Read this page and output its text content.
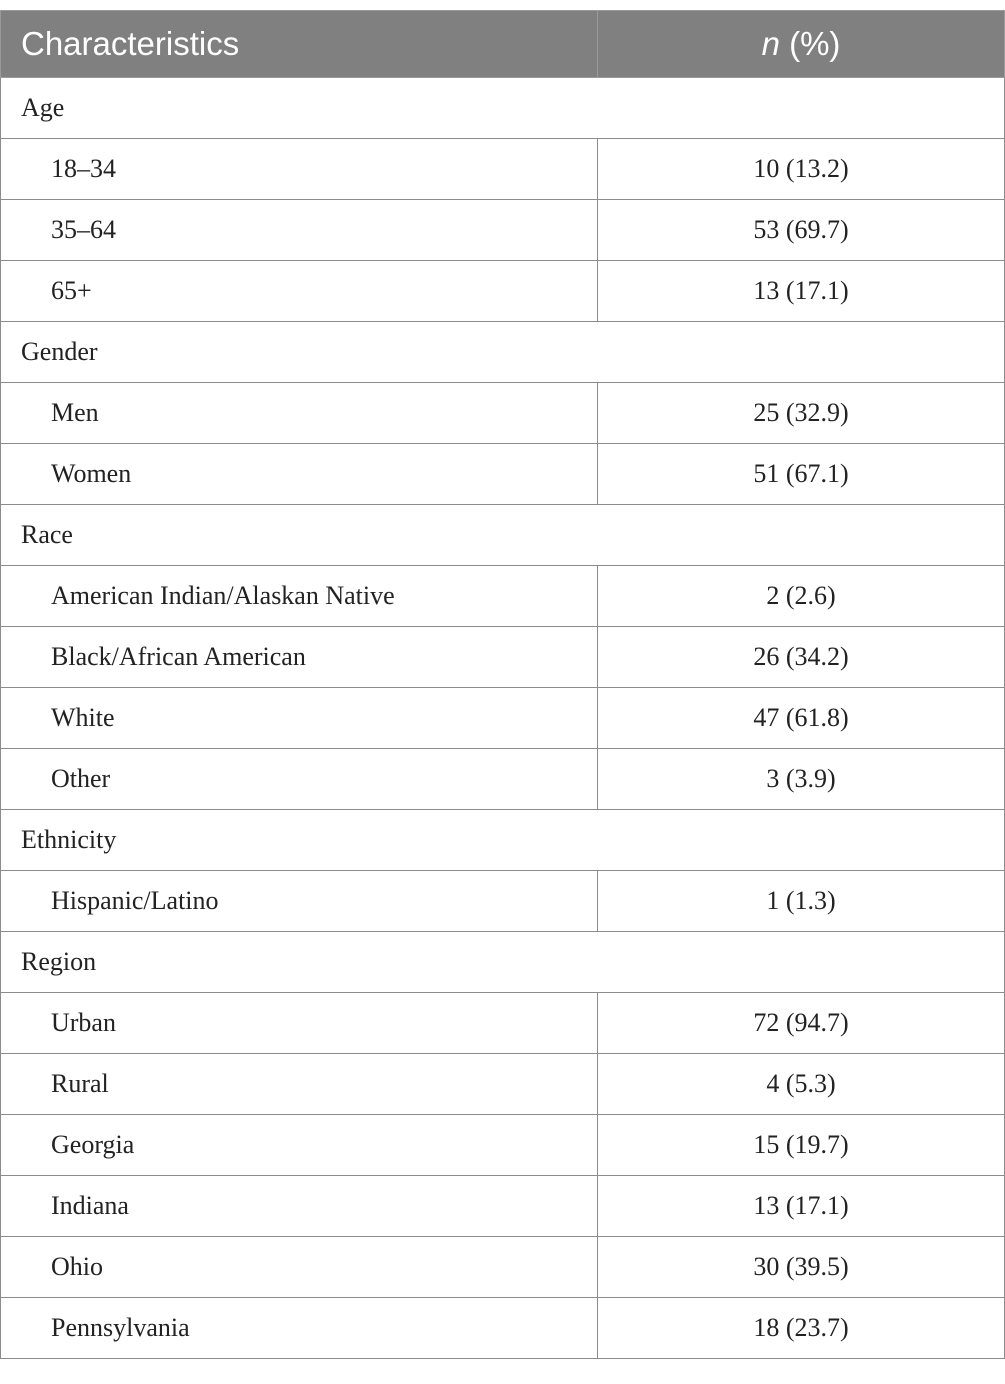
Characteristics	n (%)
Age	
18–34	10 (13.2)
35–64	53 (69.7)
65+	13 (17.1)
Gender	
Men	25 (32.9)
Women	51 (67.1)
Race	
American Indian/Alaskan Native	2 (2.6)
Black/African American	26 (34.2)
White	47 (61.8)
Other	3 (3.9)
Ethnicity	
Hispanic/Latino	1 (1.3)
Region	
Urban	72 (94.7)
Rural	4 (5.3)
Georgia	15 (19.7)
Indiana	13 (17.1)
Ohio	30 (39.5)
Pennsylvania	18 (23.7)
